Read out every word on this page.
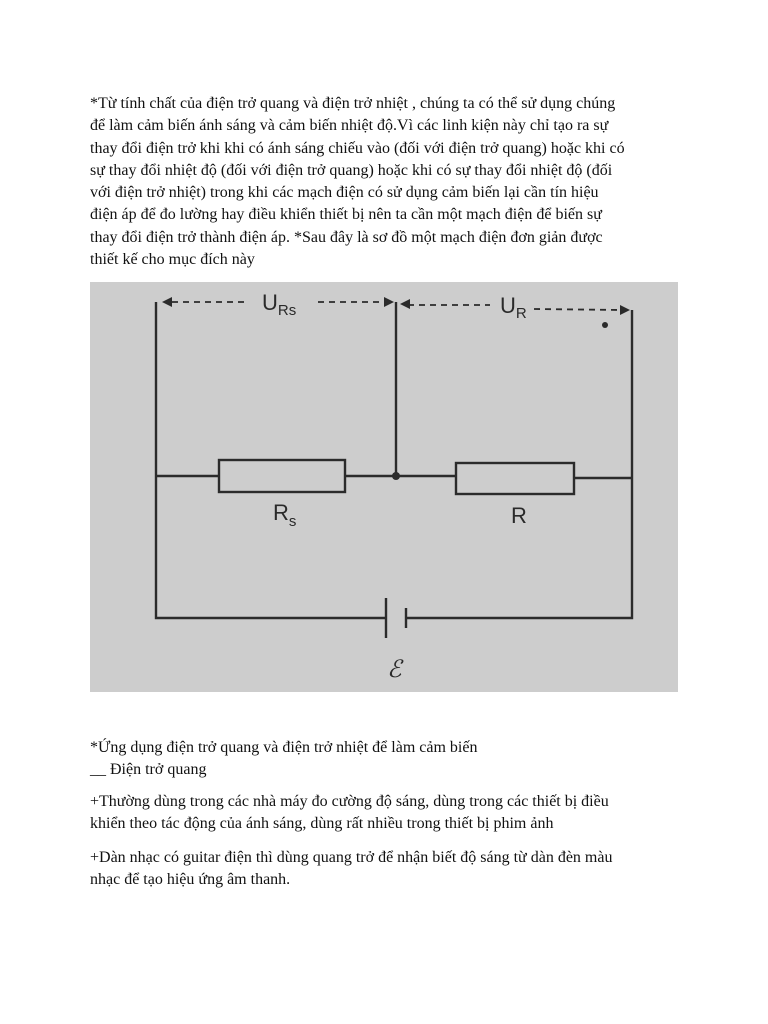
*Từ tính chất của điện trở quang và điện trở nhiệt , chúng ta có thể sử dụng chúng
để làm cảm biến ánh sáng và cảm biến nhiệt độ.Vì các linh kiện này chỉ tạo ra sự
thay đổi điện trở khi khi có ánh sáng chiếu vào (đối với điện trở quang) hoặc khi có
sự thay đổi nhiệt độ (đối với điện trở quang) hoặc khi có sự thay đổi nhiệt độ (đối
với điện trở nhiệt) trong khi các mạch điện có sử dụng cảm biến lại cần tín hiệu
điện áp để đo lường hay điều khiển thiết bị nên ta cần một mạch điện để biến sự
thay đổi điện trở thành điện áp. *Sau đây là sơ đồ một mạch điện đơn giản được
thiết kế cho mục đích này

$U_{Rs}$	$U_R$
$R_s$	R
ℰ

*Ứng dụng điện trở quang và điện trở nhiệt để làm cảm biến
__ Điện trở quang

+Thường dùng trong các nhà máy đo cường độ sáng, dùng trong các thiết bị điều
khiển theo tác động của ánh sáng, dùng rất nhiều trong thiết bị phim ảnh

+Dàn nhạc có guitar điện thì dùng quang trở để nhận biết độ sáng từ dàn đèn màu
nhạc để tạo hiệu ứng âm thanh.
